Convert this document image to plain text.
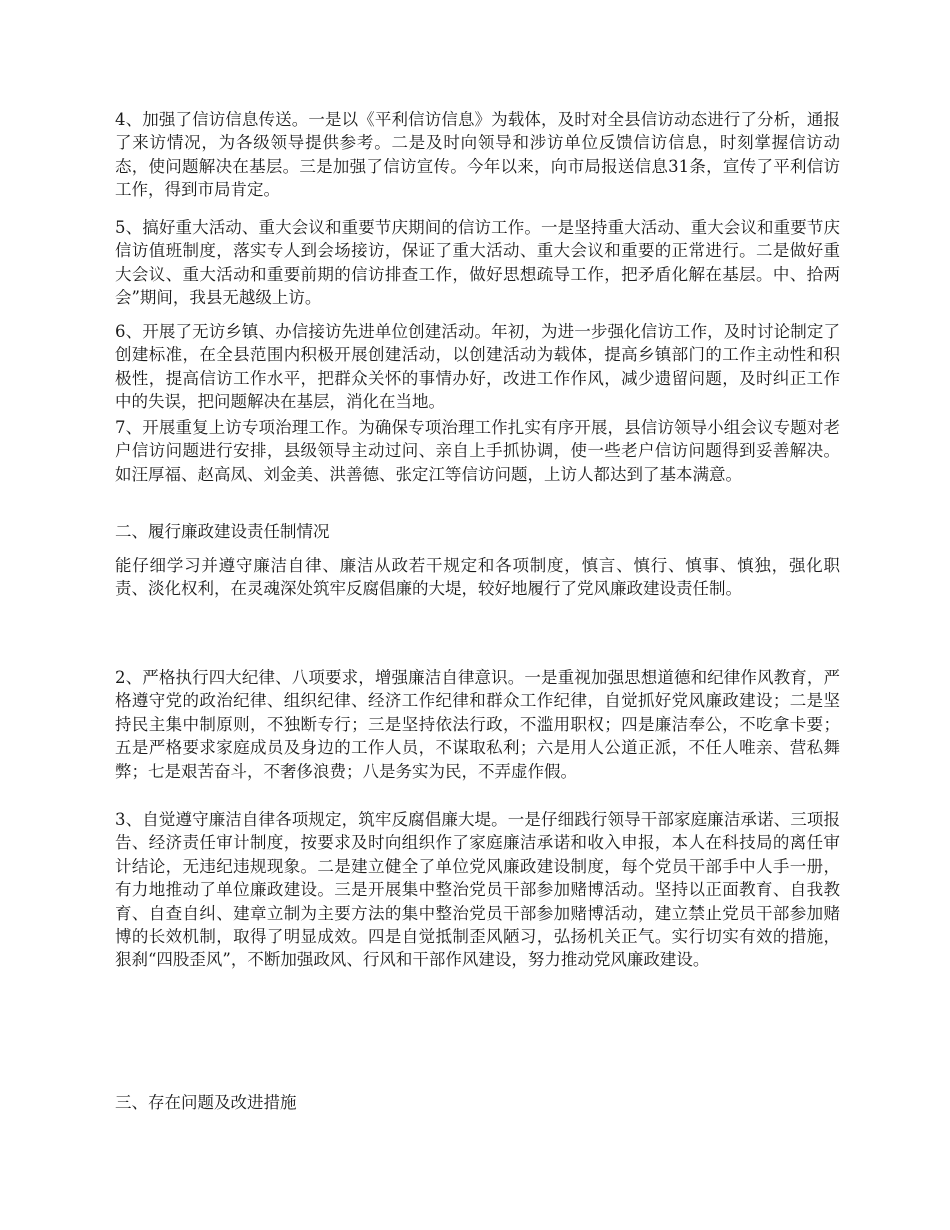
4、加强了信访信息传送。一是以《平利信访信息》为载体，及时对全县信访动态进行了分析，通报了来访情况，为各级领导提供参考。二是及时向领导和涉访单位反馈信访信息，时刻掌握信访动态，使问题解决在基层。三是加强了信访宣传。今年以来，向市局报送信息31条，宣传了平利信访工作，得到市局肯定。

5、搞好重大活动、重大会议和重要节庆期间的信访工作。一是坚持重大活动、重大会议和重要节庆信访值班制度，落实专人到会场接访，保证了重大活动、重大会议和重要的正常进行。二是做好重大会议、重大活动和重要前期的信访排查工作，做好思想疏导工作，把矛盾化解在基层。中、拾两会”期间，我县无越级上访。

6、开展了无访乡镇、办信接访先进单位创建活动。年初，为进一步强化信访工作，及时讨论制定了创建标准，在全县范围内积极开展创建活动，以创建活动为载体，提高乡镇部门的工作主动性和积极性，提高信访工作水平，把群众关怀的事情办好，改进工作作风，减少遗留问题，及时纠正工作中的失误，把问题解决在基层，消化在当地。

7、开展重复上访专项治理工作。为确保专项治理工作扎实有序开展，县信访领导小组会议专题对老户信访问题进行安排，县级领导主动过问、亲自上手抓协调，使一些老户信访问题得到妥善解决。如汪厚福、赵高凤、刘金美、洪善德、张定江等信访问题，上访人都达到了基本满意。

二、履行廉政建设责任制情况

能仔细学习并遵守廉洁自律、廉洁从政若干规定和各项制度，慎言、慎行、慎事、慎独，强化职责、淡化权利，在灵魂深处筑牢反腐倡廉的大堤，较好地履行了党风廉政建设责任制。

2、严格执行四大纪律、八项要求，增强廉洁自律意识。一是重视加强思想道德和纪律作风教育，严格遵守党的政治纪律、组织纪律、经济工作纪律和群众工作纪律，自觉抓好党风廉政建设；二是坚持民主集中制原则，不独断专行；三是坚持依法行政，不滥用职权；四是廉洁奉公，不吃拿卡要；五是严格要求家庭成员及身边的工作人员，不谋取私利；六是用人公道正派，不任人唯亲、营私舞弊；七是艰苦奋斗，不奢侈浪费；八是务实为民，不弄虚作假。

3、自觉遵守廉洁自律各项规定，筑牢反腐倡廉大堤。一是仔细践行领导干部家庭廉洁承诺、三项报告、经济责任审计制度，按要求及时向组织作了家庭廉洁承诺和收入申报，本人在科技局的离任审计结论，无违纪违规现象。二是建立健全了单位党风廉政建设制度，每个党员干部手中人手一册，有力地推动了单位廉政建设。三是开展集中整治党员干部参加赌博活动。坚持以正面教育、自我教育、自查自纠、建章立制为主要方法的集中整治党员干部参加赌博活动，建立禁止党员干部参加赌博的长效机制，取得了明显成效。四是自觉抵制歪风陋习，弘扬机关正气。实行切实有效的措施，狠刹“四股歪风”，不断加强政风、行风和干部作风建设，努力推动党风廉政建设。

三、存在问题及改进措施
